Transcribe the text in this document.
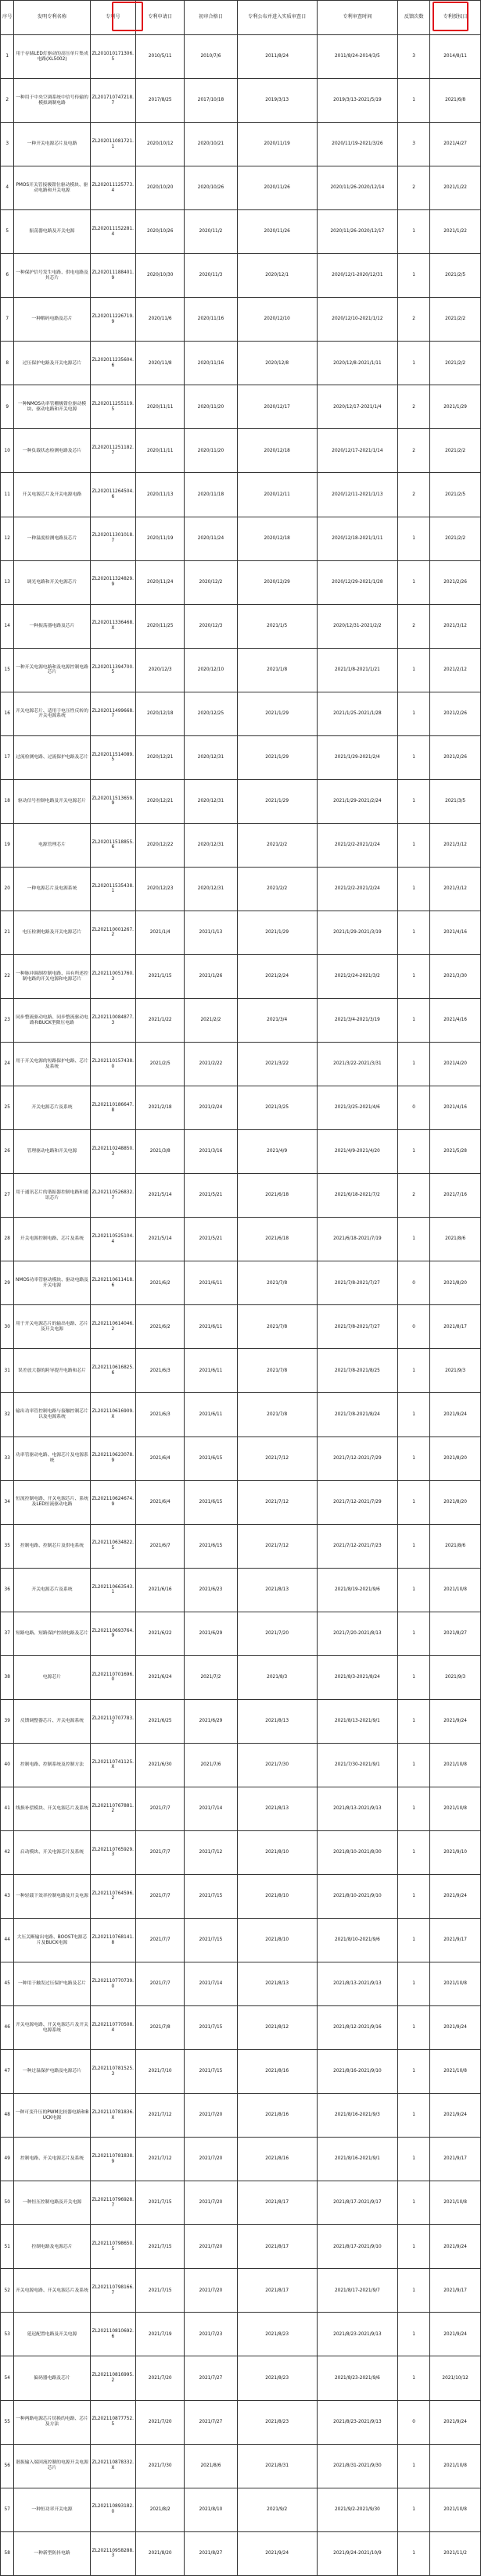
序号	发明专利名称	专利号	专利申请日	初审合格日	专利公布并进入实质审查日	专利审查时间	反馈次数	专利授权日
1	用于存储LED灯驱动的高压单片集成电路(XL5002)	ZL201010171306.5	2010/5/11	2010/7/6	2011/8/24	2011/8/24-2014/3/5	3	2014/8/11
2	一种用于中央空调系统中信号传输的模拟调制电路	ZL201710747218.7	2017/8/25	2017/10/18	2019/3/13	2019/3/13-2021/5/19	1	2021/6/8
3	一种开关电源芯片及电路	ZL202011081721.1	2020/10/12	2020/10/21	2020/11/19	2020/11/19-2021/3/26	3	2021/4/27
4	PMOS开关管接极钳位驱动模块、驱动电路和开关电源	ZL202011125773.4	2020/10/20	2020/10/26	2020/11/26	2020/11/26-2020/12/14	2	2021/1/22
5	振荡器电路及开关电源	ZL202011152281.4	2020/10/26	2020/11/2	2020/11/26	2020/11/26-2020/12/17	1	2021/1/22
6	一种保护信号发生电路、供电电路及其芯片	ZL202011188401.9	2020/10/30	2020/11/3	2020/12/1	2020/12/1-2020/12/31	1	2021/2/5
7	一种解码电路及芯片	ZL202011226719.9	2020/11/6	2020/11/16	2020/12/10	2020/12/10-2021/1/12	2	2021/2/2
8	过压保护电路及开关电源芯片	ZL202011235604.6	2020/11/8	2020/11/16	2020/12/8	2020/12/8-2021/1/11	1	2021/2/2
9	一种NMOS功率管栅极钳位驱动模块、驱动电路和开关电源	ZL202011255119.5	2020/11/11	2020/11/20	2020/12/17	2020/12/17-2021/1/4	2	2021/1/29
10	一种负载状态检测电路及芯片	ZL202011251182.7	2020/11/11	2020/11/20	2020/12/18	2020/12/17-2021/1/14	2	2021/2/2
11	开关电源芯片及开关电源电路	ZL202011264504.6	2020/11/13	2020/11/18	2020/12/11	2020/12/11-2021/1/13	2	2021/2/5
12	一种温度检测电路及芯片	ZL202011301018.7	2020/11/19	2020/11/24	2020/12/18	2020/12/18-2021/1/11	1	2021/2/2
13	调光电路和开关电源芯片	ZL202011324829.9	2020/11/24	2020/12/2	2020/12/29	2020/12/29-2021/1/28	1	2021/2/26
14	一种振荡器电路及芯片	ZL202011336468.X	2020/11/25	2020/12/3	2021/1/5	2020/12/31-2021/2/2	2	2021/3/12
15	一种开关电源电路和及电源控制电路芯片	ZL202011394700.5	2020/12/3	2020/12/10	2021/1/8	2021/1/8-2021/1/21	1	2021/2/12
16	开关电源芯片、适用于电压性反转的开关电源系统	ZL202011499668.7	2020/12/18	2020/12/25	2021/1/29	2021/1/25-2021/1/28	1	2021/2/26
17	过流检测电路、过流保护电路及芯片	ZL202011514089.5	2020/12/21	2020/12/31	2021/1/29	2021/1/29-2021/2/4	1	2021/2/26
18	驱动信号控制电路及开关电源芯片	ZL202011513659.9	2020/12/21	2020/12/31	2021/1/29	2021/1/29-2021/2/24	1	2021/3/5
19	电源管理芯片	ZL202011518855.6	2020/12/22	2020/12/31	2021/2/2	2021/2/2-2021/2/24	1	2021/3/12
20	一种电源芯片及电源系统	ZL202011535438.1	2020/12/23	2020/12/31	2021/2/2	2021/2/2-2021/2/24	1	2021/3/12
21	电压检测电路及开关电源芯片	ZL202110001267.2	2021/1/4	2021/1/13	2021/1/29	2021/1/29-2021/3/19	1	2021/4/16
22	一种脉冲调制控制电路、具有所述控制电路的开关电源和电源芯片	ZL202110051760.3	2021/1/15	2021/1/26	2021/2/24	2021/2/24-2021/3/2	1	2021/3/30
23	同步整流驱动电路、同步整流驱动电路和BUCK型降压电路	ZL202110084877.3	2021/1/22	2021/2/2	2021/3/4	2021/3/4-2021/3/19	1	2021/4/16
24	用于开关电源的短路保护电路、芯片及系统	ZL202110157438.0	2021/2/5	2021/2/22	2021/3/22	2021/3/22-2021/3/31	1	2021/4/20
25	开关电源芯片及系统	ZL202110186647.8	2021/2/18	2021/2/24	2021/3/25	2021/3/25-2021/4/6	0	2021/4/16
26	管理驱动电路和开关电源	ZL202110248850.3	2021/3/8	2021/3/16	2021/4/9	2021/4/9-2021/4/20	1	2021/5/28
27	用于通讯芯片的谐振器控制电路和通讯芯片	ZL202110526832.7	2021/5/14	2021/5/21	2021/6/18	2021/6/18-2021/7/2	2	2021/7/16
28	开关电源控制电路、芯片及系统	ZL202110525104.4	2021/5/14	2021/5/21	2021/6/18	2021/6/18-2021/7/19	1	2021/8/6
29	NMOS功率管驱动模块、驱动电路及开关电源	ZL202110611418.6	2021/6/2	2021/6/11	2021/7/8	2021/7/8-2021/7/27	0	2021/8/20
30	用于开关电源芯片的输出电路、芯片及开关电源	ZL202110614046.2	2021/6/2	2021/6/11	2021/7/8	2021/7/8-2021/7/27	0	2021/8/17
31	误差放大器的跨导提升电路和芯片	ZL202110616825.6	2021/6/3	2021/6/11	2021/7/8	2021/7/8-2021/8/25	1	2021/9/3
32	输出功率管控制电路与接触控制芯片以及电源系统	ZL202110616909.X	2021/6/3	2021/6/11	2021/7/8	2021/7/8-2021/8/24	1	2021/9/24
33	功率管驱动电路、电源芯片及电源系统	ZL202110623078.9	2021/6/4	2021/6/15	2021/7/12	2021/7/12-2021/7/29	1	2021/8/20
34	恒流控制电路、开关电源芯片、系统及LED恒流驱动电路	ZL202110624674.9	2021/6/4	2021/6/15	2021/7/12	2021/7/12-2021/7/29	1	2021/8/20
35	控制电路、控制芯片及供电系统	ZL202110634822.5	2021/6/7	2021/6/15	2021/7/12	2021/7/12-2021/7/23	1	2021/8/6
36	开关电源芯片及系统	ZL202110663543.1	2021/6/16	2021/6/23	2021/8/13	2021/8/19-2021/9/6	1	2021/10/8
37	短路电路、短路保护控制电路及芯片	ZL202110693764.9	2021/6/22	2021/6/29	2021/7/20	2021/7/20-2021/8/13	1	2021/8/27
38	电源芯片	ZL202110701696.0	2021/6/24	2021/7/2	2021/8/3	2021/8/3-2021/8/24	1	2021/9/3
39	反馈调整器芯片、开关电源系统	ZL202110707783.7	2021/6/25	2021/6/29	2021/8/13	2021/8/13-2021/9/1	1	2021/9/24
40	控制电路、控制系统及控制方法	ZL202110741125.X	2021/6/30	2021/7/6	2021/7/30	2021/7/30-2021/9/1	1	2021/10/8
41	线损补偿模块、开关电源芯片及系统	ZL202110767881.2	2021/7/7	2021/7/14	2021/8/13	2021/8/13-2021/9/13	1	2021/10/8
42	启动模块、开关电源芯片及系统	ZL202110765929.3	2021/7/7	2021/7/12	2021/8/10	2021/8/10-2021/8/30	1	2021/9/10
43	一种轻载下效率控制电路及开关电源	ZL202110764596.2	2021/7/7	2021/7/15	2021/8/10	2021/8/10-2021/9/10	1	2021/9/24
44	大压关断输出电路、BOOST电源芯片及BUCK电源	ZL202110768141.8	2021/7/7	2021/7/15	2021/8/10	2021/8/10-2021/9/6	1	2021/9/17
45	一种用于触发过压保护电路及芯片	ZL202110770739.0	2021/7/7	2021/7/14	2021/8/13	2021/8/13-2021/9/13	1	2021/10/8
46	开关电源电路、开关电源芯片及开关电源系统	ZL202110770508.4	2021/7/8	2021/7/15	2021/8/12	2021/8/12-2021/9/16	1	2021/9/24
47	一种过温保护电路及电源芯片	ZL202110781525.3	2021/7/10	2021/7/15	2021/8/16	2021/8/16-2021/9/10	1	2021/10/8
48	一种可变升压的PWM比较器电路和BUCK电源	ZL202110781836.X	2021/7/12	2021/7/20	2021/8/16	2021/8/16-2021/9/3	1	2021/9/24
49	控制电路、开关电源芯片及系统	ZL202110781838.9	2021/7/12	2021/7/20	2021/8/16	2021/8/16-2021/9/1	1	2021/9/17
50	一种恒压控制电路及开关电源	ZL202110796928.7	2021/7/15	2021/7/20	2021/8/17	2021/8/17-2021/9/17	1	2021/10/8
51	控制电路及电源芯片	ZL202110798650.5	2021/7/15	2021/7/20	2021/8/17	2021/8/17-2021/9/10	1	2021/9/24
52	开关电源电路、开关电源芯片及系统	ZL202110798166.7	2021/7/15	2021/7/20	2021/8/17	2021/8/17-2021/9/7	1	2021/9/17
53	延迟配置电路及开关电源	ZL202110810692.6	2021/7/19	2021/7/23	2021/8/23	2021/8/23-2021/9/13	1	2021/9/24
54	偏码器电路及芯片	ZL202110816995.2	2021/7/20	2021/7/27	2021/8/23	2021/8/23-2021/9/6	1	2021/10/12
55	一种两路电源芯片切换的电路、芯片及方法	ZL202110877752.5	2021/7/20	2021/7/27	2021/8/23	2021/8/23-2021/9/13	0	2021/9/24
56	谐振输入端回流控制的电源开关电源芯片	ZL202110878332.X	2021/7/30	2021/8/6	2021/8/31	2021/8/31-2021/9/30	1	2021/10/8
57	一种恒功率开关电源	ZL202110893182.0	2021/8/2	2021/8/10	2021/9/2	2021/9/2-2021/9/30	1	2021/10/8
58	一种新型防抖电路	ZL202110958288.3	2021/8/20	2021/8/27	2021/9/24	2021/9/24-2021/10/9	1	2021/11/2
